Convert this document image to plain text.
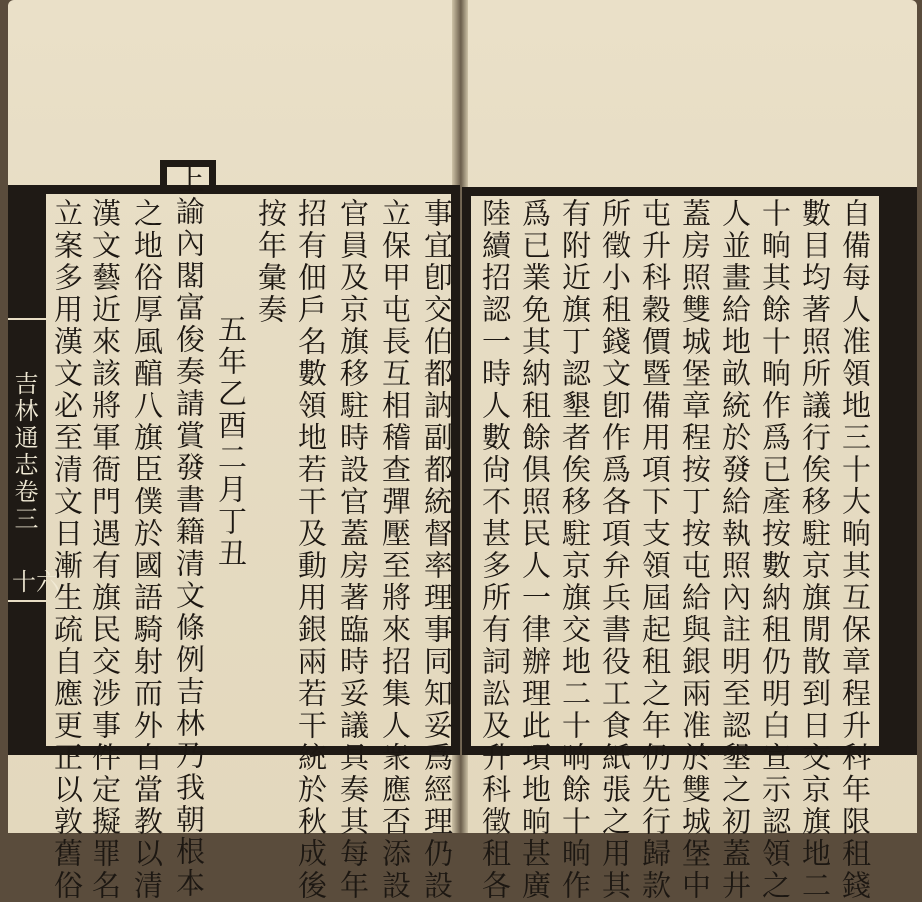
吉林通志卷三
十六	事宜卽交伯都訥副都統督率理事同知妥爲經理仍設
立保甲屯長互相稽查彈壓至將來招集人衆應否添設
官員及京旗移駐時設官蓋房著臨時妥議具奏其每年
招有佃戶名數領地若干及動用銀兩若干統於秋成後
按年彙奏
五年乙酉二月丁丑
上諭內閣富俊奏請賞發書籍清文條例吉林乃我朝根本
之地俗厚風醕八旗臣僕於國語騎射而外自當教以清
漢文藝近來該將軍衙門遇有旗民交涉事件定擬罪名
立案多用漢文必至清文日漸生疏自應更正以敦舊俗	自備每人准領地三十大晌其互保章程升科年限租錢
數目均著照所議行俟移駐京旗閒散到日交京旗地二
十晌其餘十晌作爲已產按數納租仍明白宣示認領之
人並畫給地畝統於發給執照內註明至認墾之初蓋井
蓋房照雙城堡章程按丁按屯給與銀兩准於雙城堡中
屯升科穀價暨備用項下支領屆起租之年仍先行歸款
所徵小租錢文卽作爲各項弁兵書役工食紙張之用其
有附近旗丁認墾者俟移駐京旗交地二十晌餘十晌作
爲已業免其納租餘俱照民人一律辦理此項地晌甚廣
陸續招認一時人數尙不甚多所有詞訟及升科徵租各
